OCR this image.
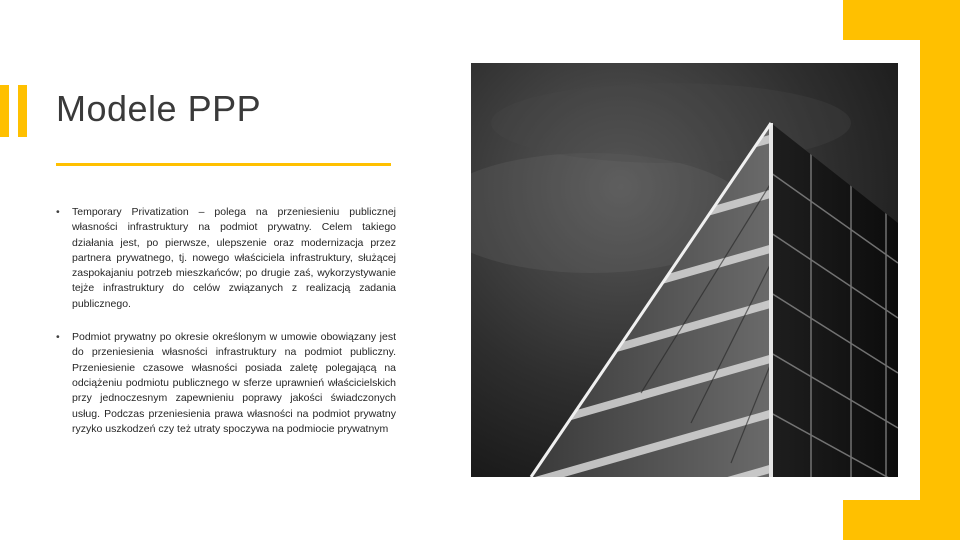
Modele PPP
• Temporary Privatization – polega na przeniesieniu publicznej własności infrastruktury na podmiot prywatny. Celem takiego działania jest, po pierwsze, ulepszenie oraz modernizacja przez partnera prywatnego, tj. nowego właściciela infrastruktury, służącej zaspokajaniu potrzeb mieszkańców; po drugie zaś, wykorzystywanie tejże infrastruktury do celów związanych z realizacją zadania publicznego.
• Podmiot prywatny po okresie określonym w umowie obowiązany jest do przeniesienia własności infrastruktury na podmiot publiczny. Przeniesienie czasowe własności posiada zaletę polegającą na odciążeniu podmiotu publicznego w sferze uprawnień właścicielskich przy jednoczesnym zapewnieniu poprawy jakości świadczonych usług. Podczas przeniesienia prawa własności na podmiot prywatny ryzyko uszkodzeń czy też utraty spoczywa na podmiocie prywatnym
